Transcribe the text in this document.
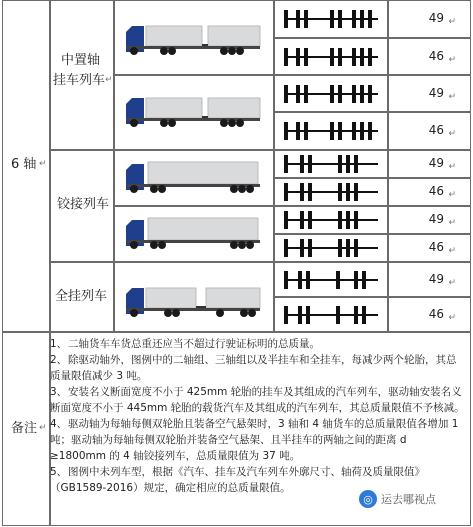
6 轴 ↵
中置轴
挂车列车 ↵
铰接列车
全挂列车
49 ↵
46 ↵
49 ↵
46 ↵
49 ↵
46 ↵
49 ↵
46 ↵
49 ↵
46 ↵
备注 ↵
1、二轴货车车货总重还应当不超过行驶证标明的总质量。
2、除驱动轴外，图例中的二轴组、三轴组以及半挂车和全挂车，每减少两个轮胎，其总质量限值减少 3 吨。
3、安装名义断面宽度不小于 425mm 轮胎的挂车及其组成的汽车列车，驱动轴安装名义断面宽度不小于 445mm 轮胎的载货汽车及其组成的汽车列车，其总质量限值不予核减。
4、驱动轴为每轴每侧双轮胎且装备空气悬架时，3 轴和 4 轴货车的总质量限值各增加 1 吨；驱动轴为每轴每侧双轮胎并装备空气悬架、且半挂车的两轴之间的距离 d ≥1800mm 的 4 轴铰接列车，总质量限值为 37 吨。
5、图例中未列车型，根据《汽车、挂车及汽车列车外廓尺寸、轴荷及质量限值》（GB1589-2016）规定，确定相应的总质量限值。
◎ 运去哪视点
